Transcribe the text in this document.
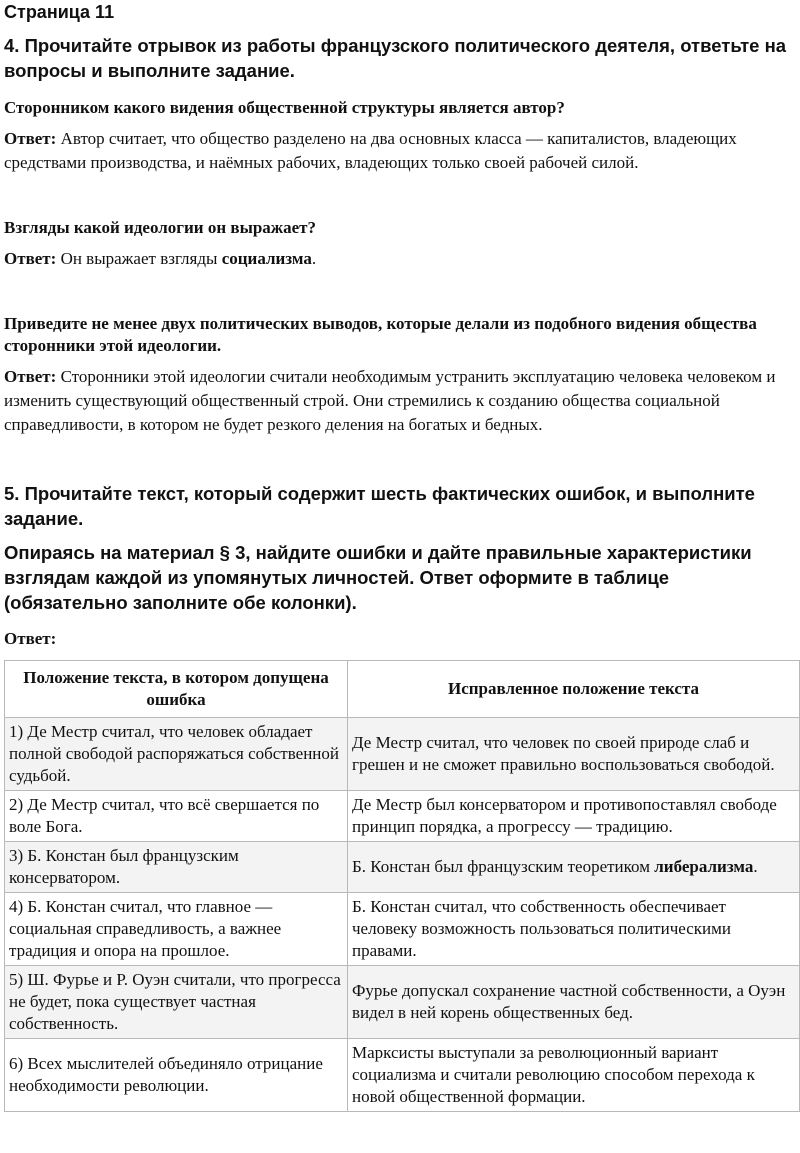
Страница 11
4. Прочитайте отрывок из работы французского политического деятеля, ответьте на вопросы и выполните задание.

Сторонником какого видения общественной структуры является автор?

Ответ: Автор считает, что общество разделено на два основных класса — капиталистов, владеющих средствами производства, и наёмных рабочих, владеющих только своей рабочей силой.

Взгляды какой идеологии он выражает?

Ответ: Он выражает взгляды социализма.

Приведите не менее двух политических выводов, которые делали из подобного видения общества сторонники этой идеологии.

Ответ: Сторонники этой идеологии считали необходимым устранить эксплуатацию человека человеком и изменить существующий общественный строй. Они стремились к созданию общества социальной справедливости, в котором не будет резкого деления на богатых и бедных.

5. Прочитайте текст, который содержит шесть фактических ошибок, и выполните задание.
Опираясь на материал § 3, найдите ошибки и дайте правильные характеристики взглядам каждой из упомянутых личностей. Ответ оформите в таблице (обязательно заполните обе колонки).

Ответ:

Положение текста, в котором допущена ошибка	Исправленное положение текста
1) Де Местр считал, что человек обладает полной свободой распоряжаться собственной судьбой.	Де Местр считал, что человек по своей природе слаб и грешен и не сможет правильно воспользоваться свободой.
2) Де Местр считал, что всё свершается по воле Бога.	Де Местр был консерватором и противопоставлял свободе принцип порядка, а прогрессу — традицию.
3) Б. Констан был французским консерватором.	Б. Констан был французским теоретиком либерализма.
4) Б. Констан считал, что главное — социальная справедливость, а важнее традиция и опора на прошлое.	Б. Констан считал, что собственность обеспечивает человеку возможность пользоваться политическими правами.
5) Ш. Фурье и Р. Оуэн считали, что прогресса не будет, пока существует частная собственность.	Фурье допускал сохранение частной собственности, а Оуэн видел в ней корень общественных бед.
6) Всех мыслителей объединяло отрицание необходимости революции.	Марксисты выступали за революционный вариант социализма и считали революцию способом перехода к новой общественной формации.
